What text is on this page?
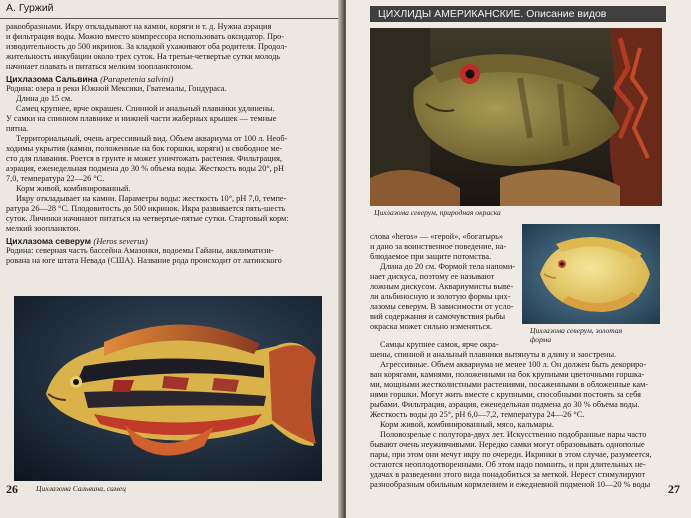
А. Гуржий

ракообразными. Икру откладывают на камни, коряги и т. д. Нужна аэрация

и фильтрация воды. Можно вместо компрессора использовать оксидатор. Про-

изводительность до 500 икринок. За кладкой ухаживают оба родителя. Продол-

жительность инкубации около трех суток. На третьи-четвертые сутки молодь

начинает плавать и питаться мелким зоопланктоном.

Цихлазома Сальвина (Parapetenia salvini)

Родина: озера и реки Южной Мексики, Гватемалы, Гондураса.

Длина до 15 см.

Самец крупнее, ярче окрашен. Спинной и анальный плавники удлинены.

У самки на спинном плавнике и нижней части жаберных крышек — темные

пятна.

Территориальный, очень агрессивный вид. Объем аквариума от 100 л. Необ-

ходимы укрытия (камни, положенные на бок горшки, коряги) и свободное ме-

сто для плавания. Роется в грунте и может уничтожать растения. Фильтрация,

аэрация, еженедельная подмена до 30 % объема воды. Жесткость воды 20°, pH

7,0, температура 22—26 °С.

Корм живой, комбинированный.

Икру откладывает на камни. Параметры воды: жесткость 10°, pH 7,0, темпе-

ратура 26—28 °С. Плодовитость до 500 икринок. Икра развивается пять-шесть

суток. Личинки начинают питаться на четвертые-пятые сутки. Стартовый корм:

мелкий зоопланктон.

Цихлазома северум (Heros severus)

Родина: северная часть бассейна Амазонки, водоемы Гайаны, акклиматизи-

рована на юге штата Невада (США). Название рода происходит от латинского

Цихлазома Сальвина, самец
26
ЦИХЛИДЫ АМЕРИКАНСКИЕ. Описание видов
Цихлазома северум, природная окраска
Цихлазома северум, золотая
форма

слова «heros» — «герой», «богатырь»

и дано за воинственное поведение, на-

блюдаемое при защите потомства.

Длина до 20 см. Формой тела напоми-

нает дискуса, поэтому ее называют

ложным дискусом. Аквариумисты выве-

ли альбиносную и золотую формы цих-

лазомы северум. В зависимости от усло-

вий содержания и самочувствия рыбы

окраска может сильно изменяться.

Самцы крупнее самок, ярче окра-

шены, спинной и анальный плавники вытянуты в длину и заострены.

Агрессивные. Объем аквариума не менее 100 л. Он должен быть декориро-

ван корягами, камнями, положенными на бок крупными цветочными горшка-

ми, мощными жестколистными растениями, посаженными в обложенные кам-

нями горшки. Могут жить вместе с крупными, способными постоять за себя

рыбами. Фильтрация, аэрация, еженедельная подмена до 30 % объема воды.

Жесткость воды до 25°, pH 6,0—7,2, температура 24—26 °С.

Корм живой, комбинированный, мясо, кальмары.

Половозрелые с полутора-двух лет. Искусственно подобранные пары часто

бывают очень неуживчивыми. Нередко самки могут образовывать однополые

пары, при этом они мечут икру по очереди. Икринки в этом случае, разумеется,

остаются неоплодотворенными. Об этом надо помнить, и при длительных не-

удачах в разведении этого вида понадобиться за меткой. Нерест стимулируют

разнообразным обильным кормлением и ежедневной подменой 10—20 % воды	27
